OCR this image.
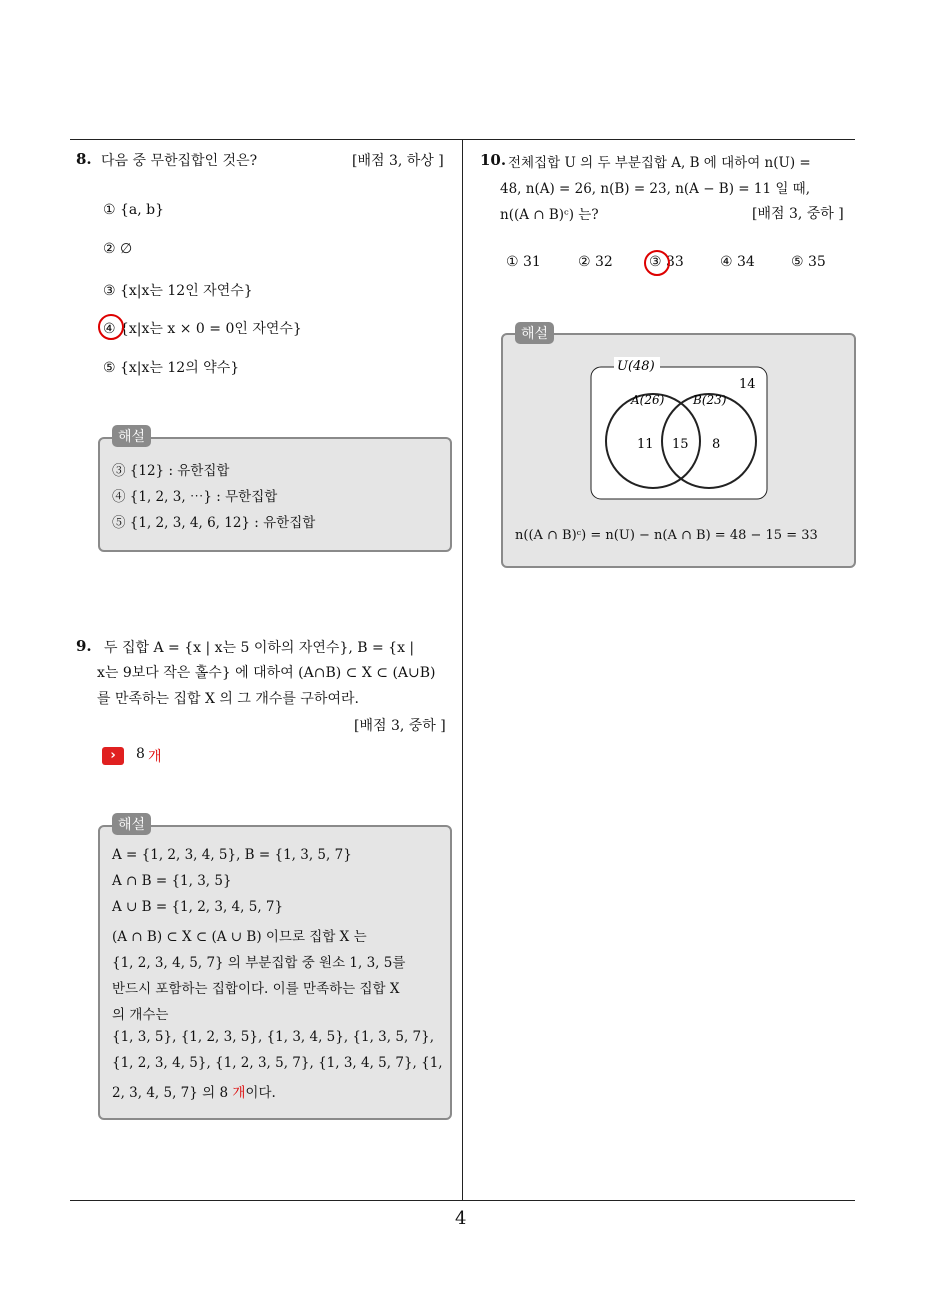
4
8. 다음 중 무한집합인 것은?	[배점 3, 하상 ]
① {a, b}
② ∅
③ {x|x는 12인 자연수}
④ {x|x는 x × 0 = 0인 자연수}
⑤ {x|x는 12의 약수}
③ {12} : 유한집합
④ {1, 2, 3, ⋯} : 무한집합
⑤ {1, 2, 3, 4, 6, 12} : 유한집합
해설
9. 두 집합 A = {x | x는 5 이하의 자연수}, B = {x |
x는 9보다 작은 홀수} 에 대하여 (A∩B) ⊂ X ⊂ (A∪B)
를 만족하는 집합 X 의 그 개수를 구하여라.
[배점 3, 중하 ]
›	8 개
A = {1, 2, 3, 4, 5}, B = {1, 3, 5, 7}
A ∩ B = {1, 3, 5}
A ∪ B = {1, 2, 3, 4, 5, 7}
(A ∩ B) ⊂ X ⊂ (A ∪ B) 이므로 집합 X 는
{1, 2, 3, 4, 5, 7} 의 부분집합 중 원소 1, 3, 5를
반드시 포함하는 집합이다. 이를 만족하는 집합 X
의 개수는
{1, 3, 5}, {1, 2, 3, 5}, {1, 3, 4, 5}, {1, 3, 5, 7},
{1, 2, 3, 4, 5}, {1, 2, 3, 5, 7}, {1, 3, 4, 5, 7}, {1,
2, 3, 4, 5, 7} 의 8 개이다.
해설
10. 전체집합 U 의 두 부분집합 A, B 에 대하여 n(U) =
48, n(A) = 26, n(B) = 23, n(A − B) = 11 일 때,
n((A ∩ B)ᶜ) 는?	[배점 3, 중하 ]
① 31	② 32	③ 33	④ 34	⑤ 35
U(48)
14
A(26) B(23)
11 15 8
n((A ∩ B)ᶜ) = n(U) − n(A ∩ B) = 48 − 15 = 33
해설
